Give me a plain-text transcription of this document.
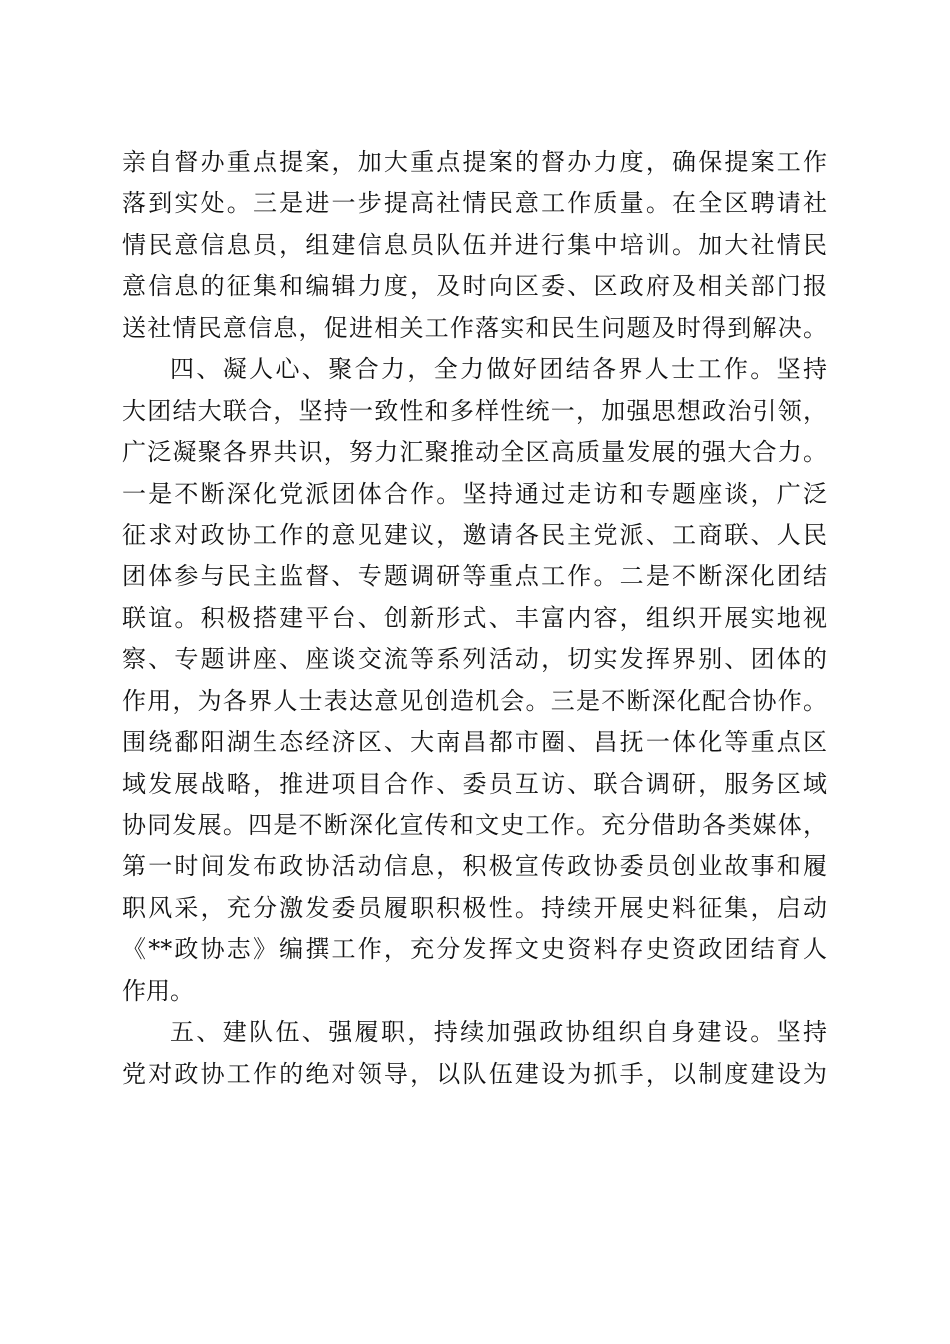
亲自督办重点提案，加大重点提案的督办力度，确保提案工作
落到实处。三是进一步提高社情民意工作质量。在全区聘请社
情民意信息员，组建信息员队伍并进行集中培训。加大社情民
意信息的征集和编辑力度，及时向区委、区政府及相关部门报
送社情民意信息，促进相关工作落实和民生问题及时得到解决。
四、凝人心、聚合力，全力做好团结各界人士工作。坚持
大团结大联合，坚持一致性和多样性统一，加强思想政治引领，
广泛凝聚各界共识，努力汇聚推动全区高质量发展的强大合力。
一是不断深化党派团体合作。坚持通过走访和专题座谈，广泛
征求对政协工作的意见建议，邀请各民主党派、工商联、人民
团体参与民主监督、专题调研等重点工作。二是不断深化团结
联谊。积极搭建平台、创新形式、丰富内容，组织开展实地视
察、专题讲座、座谈交流等系列活动，切实发挥界别、团体的
作用，为各界人士表达意见创造机会。三是不断深化配合协作。
围绕鄱阳湖生态经济区、大南昌都市圈、昌抚一体化等重点区
域发展战略，推进项目合作、委员互访、联合调研，服务区域
协同发展。四是不断深化宣传和文史工作。充分借助各类媒体，
第一时间发布政协活动信息，积极宣传政协委员创业故事和履
职风采，充分激发委员履职积极性。持续开展史料征集，启动
《**政协志》编撰工作，充分发挥文史资料存史资政团结育人
作用。
五、建队伍、强履职，持续加强政协组织自身建设。坚持
党对政协工作的绝对领导，以队伍建设为抓手，以制度建设为
